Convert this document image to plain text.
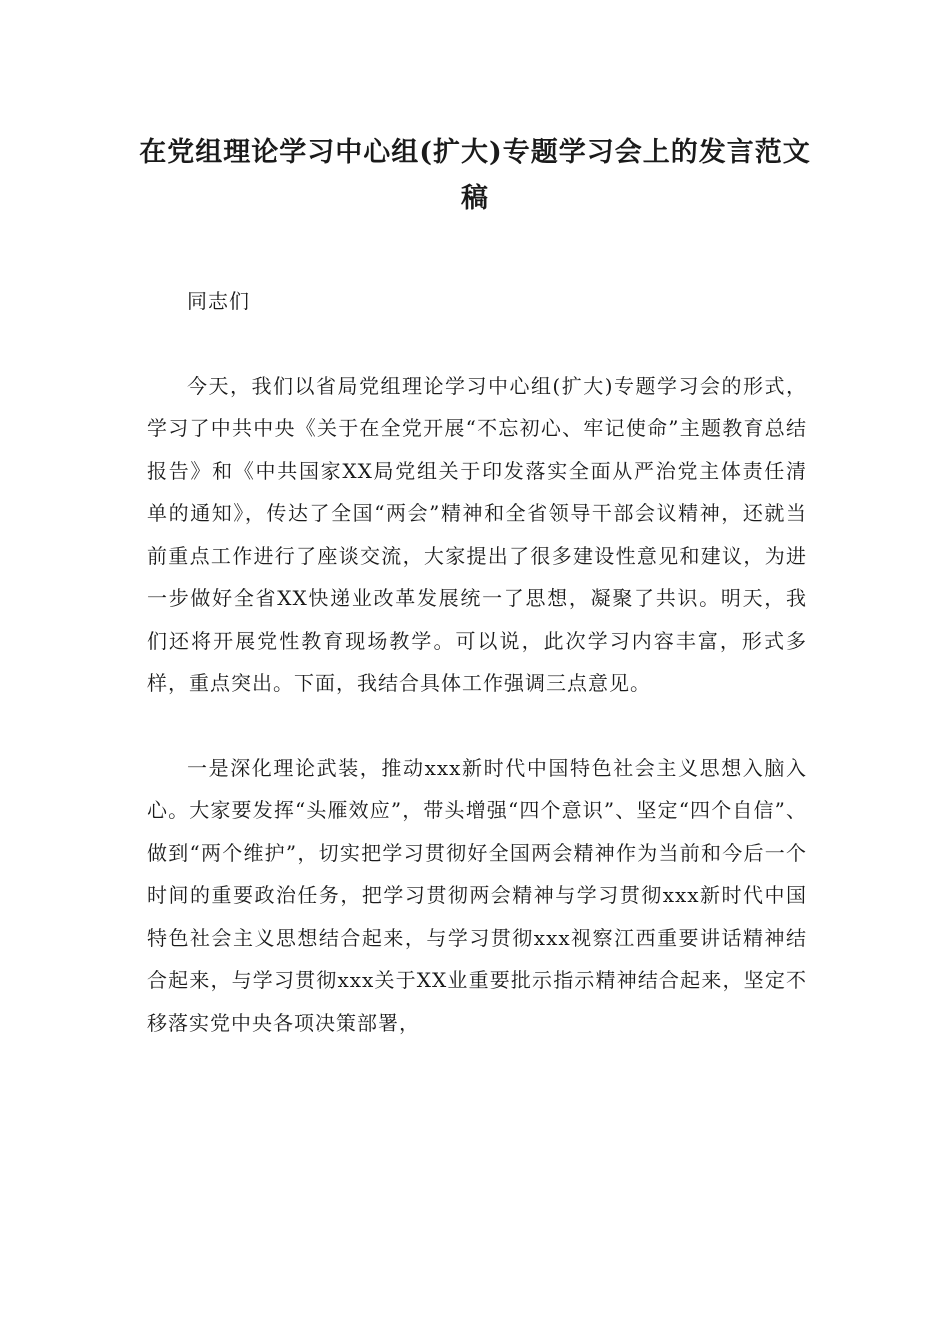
在党组理论学习中心组(扩大)专题学习会上的发言范文稿

同志们

今天，我们以省局党组理论学习中心组(扩大)专题学习会的形式，学习了中共中央《关于在全党开展“不忘初心、牢记使命”主题教育总结报告》和《中共国家XX局党组关于印发落实全面从严治党主体责任清单的通知》，传达了全国“两会”精神和全省领导干部会议精神，还就当前重点工作进行了座谈交流，大家提出了很多建设性意见和建议，为进一步做好全省XX快递业改革发展统一了思想，凝聚了共识。明天，我们还将开展党性教育现场教学。可以说，此次学习内容丰富，形式多样，重点突出。下面，我结合具体工作强调三点意见。

一是深化理论武装，推动xxx新时代中国特色社会主义思想入脑入心。大家要发挥“头雁效应”，带头增强“四个意识”、坚定“四个自信”、做到“两个维护”，切实把学习贯彻好全国两会精神作为当前和今后一个时间的重要政治任务，把学习贯彻两会精神与学习贯彻xxx新时代中国特色社会主义思想结合起来，与学习贯彻xxx视察江西重要讲话精神结合起来，与学习贯彻xxx关于XX业重要批示指示精神结合起来，坚定不移落实党中央各项决策部署，
